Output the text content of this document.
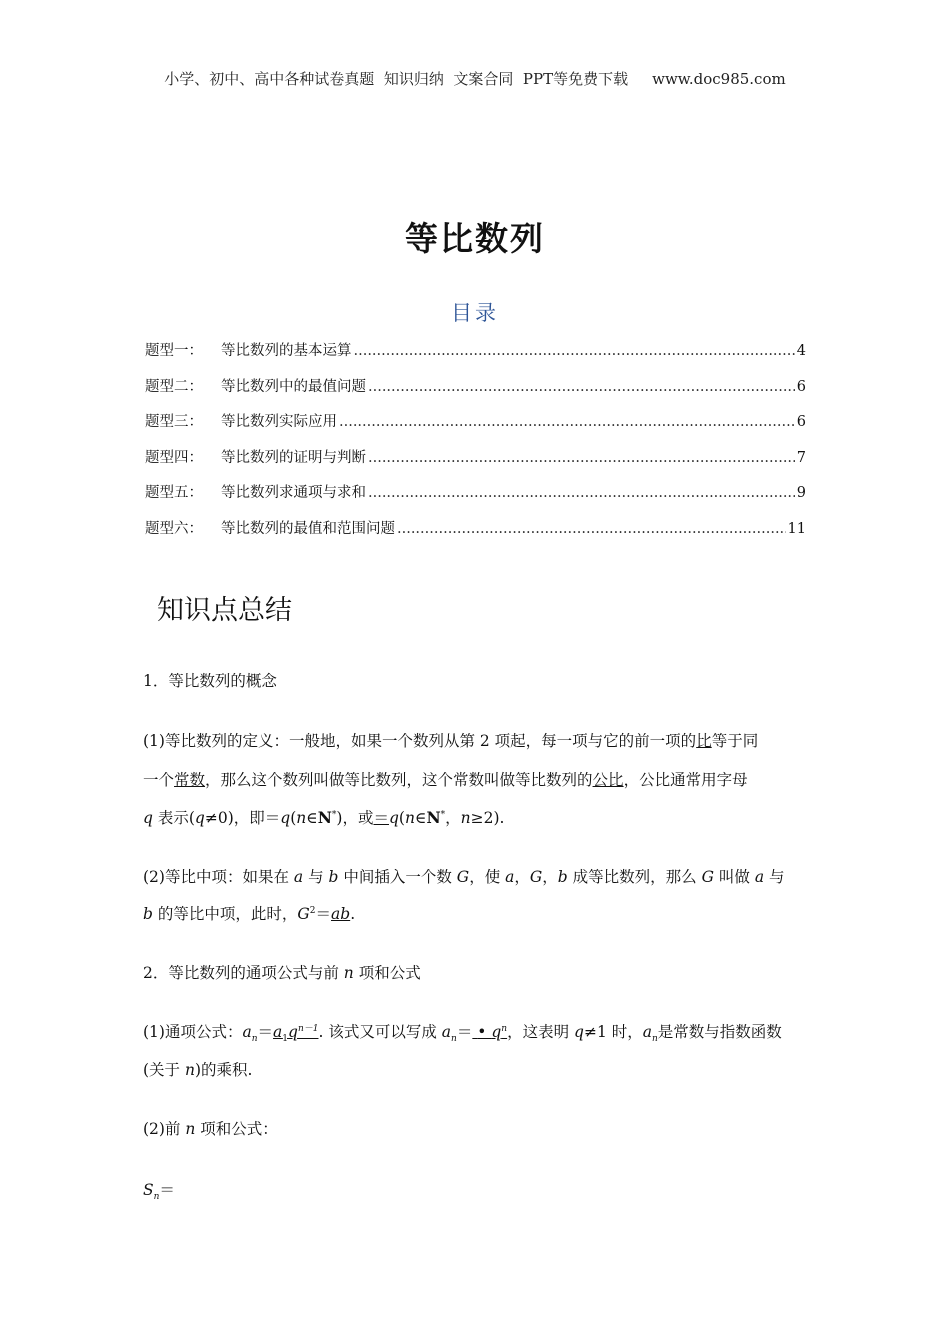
小学、初中、高中各种试卷真题  知识归纳  文案合同  PPT等免费下载 www.doc985.com
等比数列
目录
题型一：	等比数列的基本运算 .....	4
题型二：	等比数列中的最值问题 .....	6
题型三：	等比数列实际应用 .....	6
题型四：	等比数列的证明与判断 .....	7
题型五：	等比数列求通项与求和 .....	9
题型六：	等比数列的最值和范围问题 .....	11
知识点总结
1．等比数列的概念
(1)等比数列的定义：一般地，如果一个数列从第 2 项起，每一项与它的前一项的比等于同
一个常数，那么这个数列叫做等比数列，这个常数叫做等比数列的公比，公比通常用字母
q 表示(q≠0)，即＝q(n∈N*)，或＝q(n∈N*，n≥2).
(2)等比中项：如果在 a 与 b 中间插入一个数 G，使 a，G，b 成等比数列，那么 G 叫做 a 与
b 的等比中项，此时，$G^2=ab$.
2．等比数列的通项公式与前 n 项和公式
(1)通项公式：$a_n=a_1q^{n-1}$. 该式又可以写成 $a_n=$ • $q^n$，这表明 q≠1 时，$a_n$是常数与指数函数
(关于 n)的乘积.
(2)前 n 项和公式：
$S_n=$
